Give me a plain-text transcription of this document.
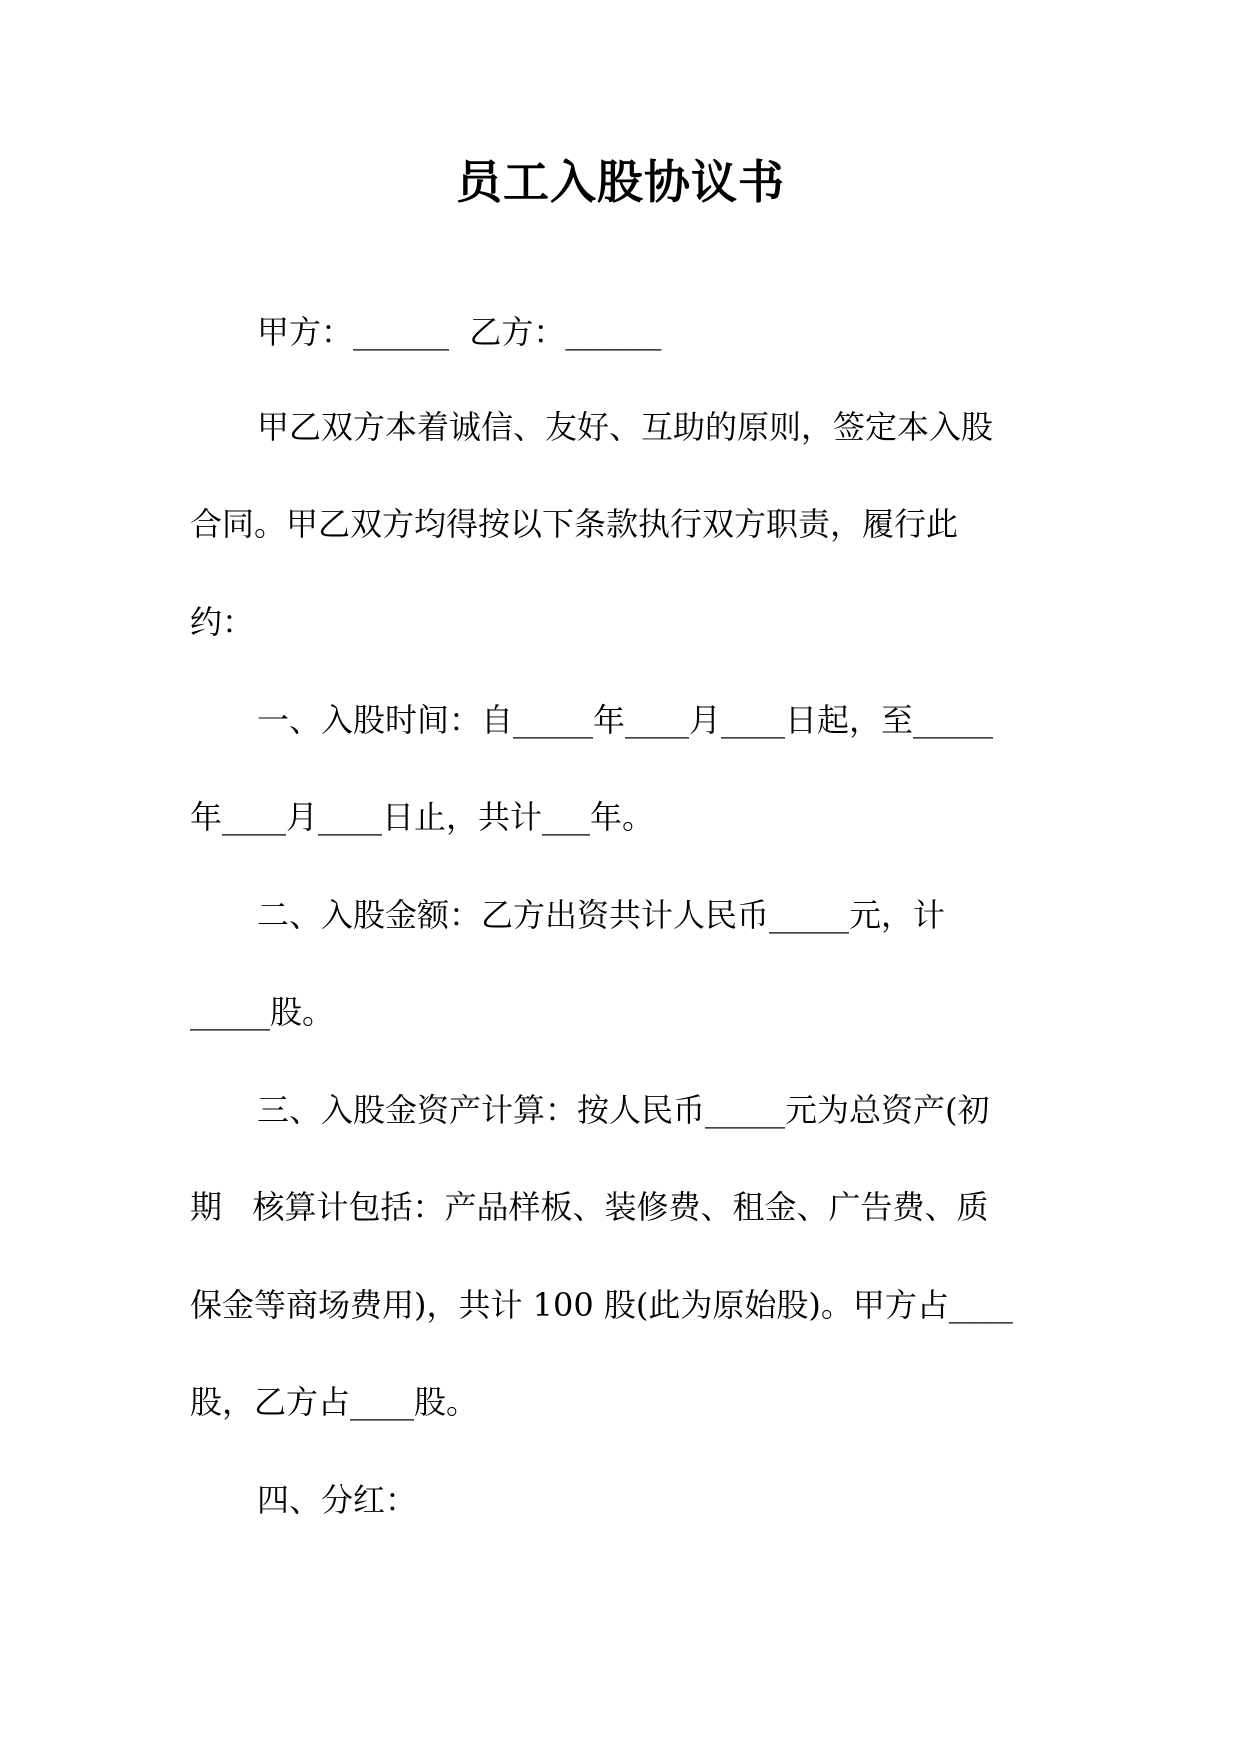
员工入股协议书
甲方：______  乙方：______
甲乙双方本着诚信、友好、互助的原则，签定本入股
合同。甲乙双方均得按以下条款执行双方职责，履行此
约：
一、入股时间：自_____年____月____日起，至_____
年____月____日止，共计___年。
二、入股金额：乙方出资共计人民币_____元，计
_____股。
三、入股金资产计算：按人民币_____元为总资产(初
期   核算计包括：产品样板、装修费、租金、广告费、质
保金等商场费用)，共计 100 股(此为原始股)。甲方占____
股，乙方占____股。
四、分红：
